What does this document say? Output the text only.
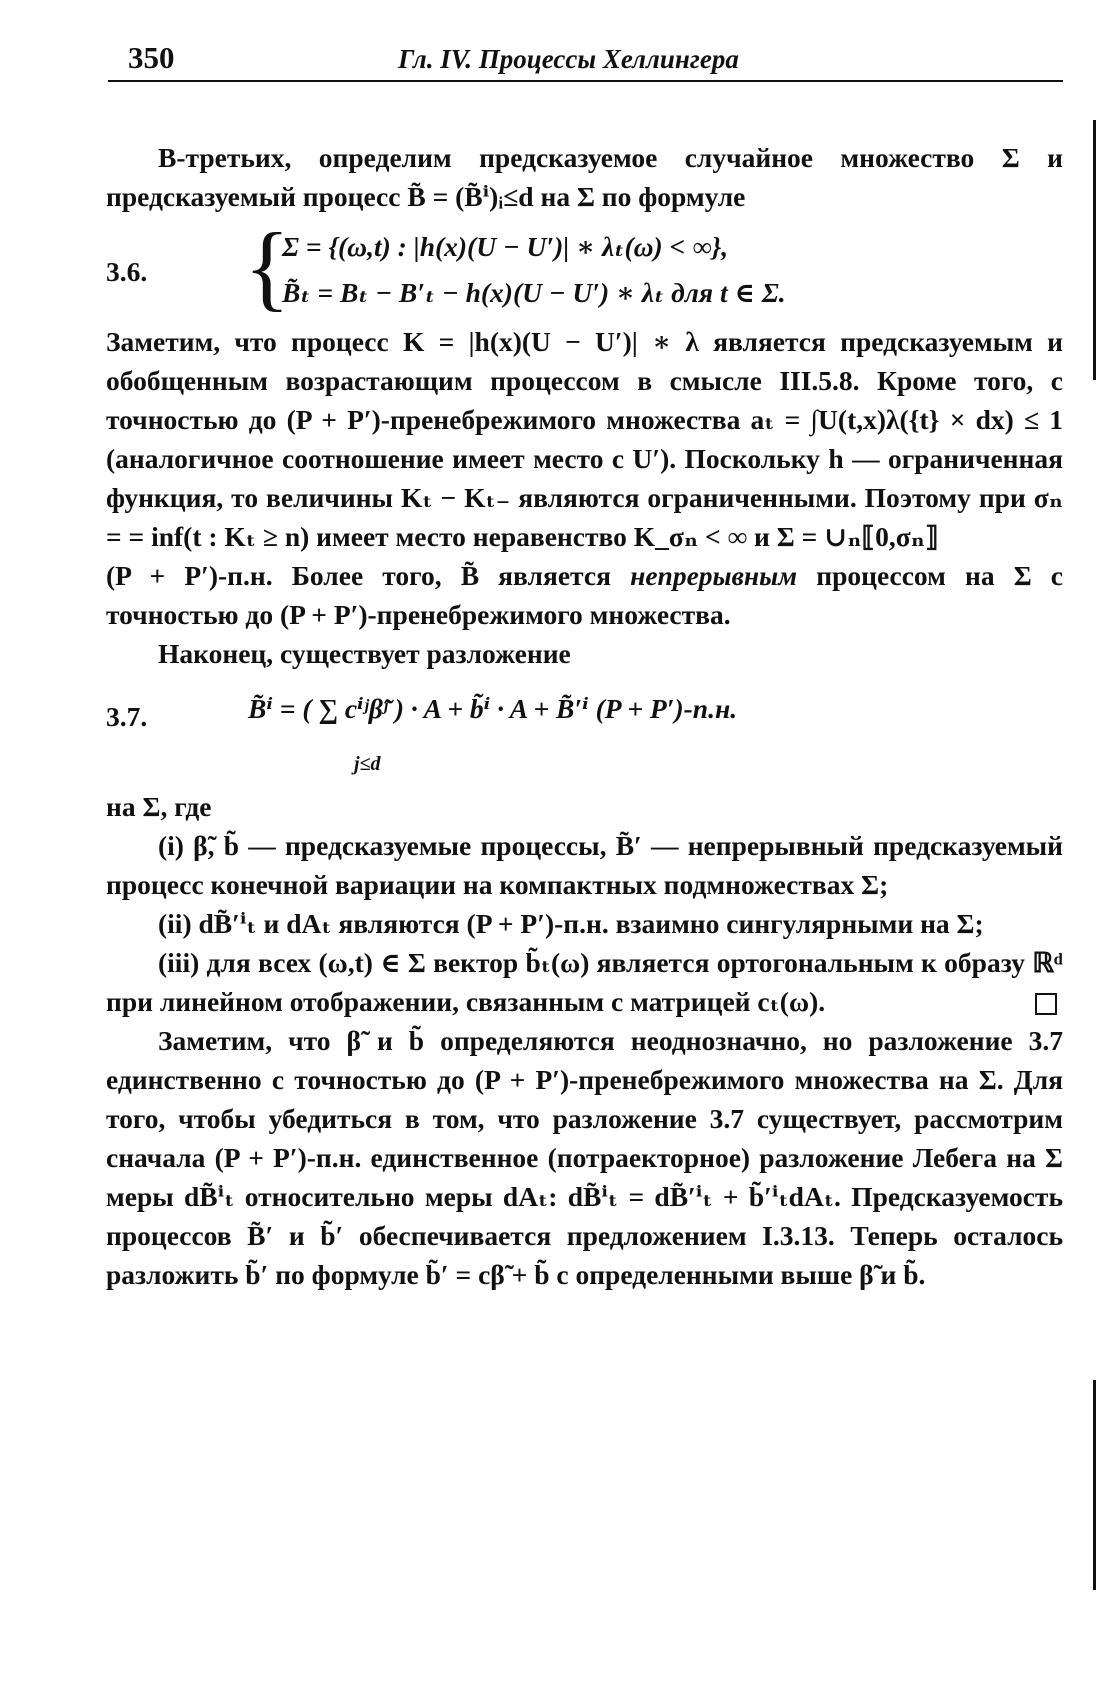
350	Гл. IV. Процессы Хеллингера

В-третьих, определим предсказуемое случайное множество Σ и предсказуемый процесс B̃ = (B̃ⁱ)ᵢ≤d на Σ по формуле

3.6. {
Σ = {(ω,t) : |h(x)(U − U′)| ∗ λₜ(ω) < ∞},
B̃ₜ = Bₜ − B′ₜ − h(x)(U − U′) ∗ λₜ для t ∈ Σ.

Заметим, что процесс K = |h(x)(U − U′)| ∗ λ является предсказуемым и обобщенным возрастающим процессом в смысле III.5.8. Кроме того, с точностью до (P + P′)-пренебрежимого множества aₜ = ∫U(t,x)λ({t} × dx) ≤ 1 (аналогичное соотношение имеет место с U′). Поскольку h — ограниченная функция, то величины Kₜ − Kₜ₋ являются ограниченными. Поэтому при σₙ = = inf(t : Kₜ ≥ n) имеет место неравенство K_σₙ < ∞ и Σ = ∪ₙ⟦0,σₙ⟧

(P + P′)-п.н. Более того, B̃ является непрерывным процессом на Σ с точностью до (P + P′)-пренебрежимого множества.

Наконец, существует разложение

3.7.	B̃ⁱ = ( ∑ cⁱʲβ̃ʲ ) · A + b̃ⁱ · A + B̃′ⁱ (P + P′)-п.н.
j≤d

на Σ, где

(i) β̃, b̃ — предсказуемые процессы, B̃′ — непрерывный предсказуемый процесс конечной вариации на компактных подмножествах Σ;

(ii) dB̃′ⁱₜ и dAₜ являются (P + P′)-п.н. взаимно сингулярными на Σ;

(iii) для всех (ω,t) ∈ Σ вектор b̃ₜ(ω) является ортогональным к образу ℝᵈ при линейном отображении, связанным с матрицей cₜ(ω).

Заметим, что β̃ и b̃ определяются неоднозначно, но разложение 3.7 единственно с точностью до (P + P′)-пренебрежимого множества на Σ. Для того, чтобы убедиться в том, что разложение 3.7 существует, рассмотрим сначала (P + P′)-п.н. единственное (потраекторное) разложение Лебега на Σ меры dB̃ⁱₜ относительно меры dAₜ: dB̃ⁱₜ = dB̃′ⁱₜ + b̃′ⁱₜdAₜ. Предсказуемость процессов B̃′ и b̃′ обеспечивается предложением I.3.13. Теперь осталось разложить b̃′ по формуле b̃′ = cβ̃ + b̃ с определенными выше β̃ и b̃.
